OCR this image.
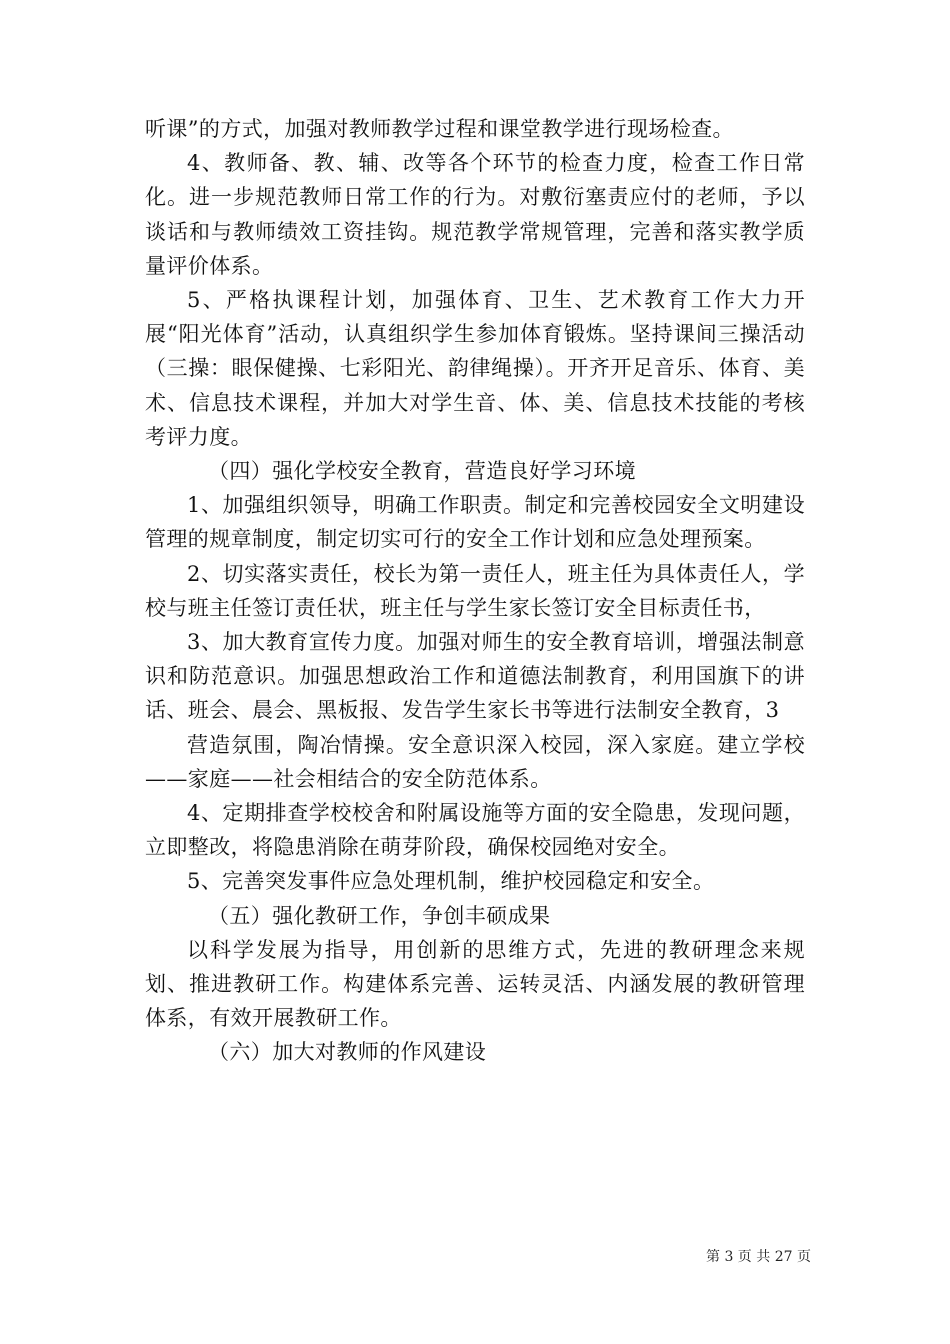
听课”的方式，加强对教师教学过程和课堂教学进行现场检查。

4、教师备、教、辅、改等各个环节的检查力度，检查工作日常化。进一步规范教师日常工作的行为。对敷衍塞责应付的老师，予以谈话和与教师绩效工资挂钩。规范教学常规管理，完善和落实教学质量评价体系。

5、严格执课程计划，加强体育、卫生、艺术教育工作大力开展“阳光体育”活动，认真组织学生参加体育锻炼。坚持课间三操活动（三操：眼保健操、七彩阳光、韵律绳操）。开齐开足音乐、体育、美术、信息技术课程，并加大对学生音、体、美、信息技术技能的考核考评力度。

（四）强化学校安全教育，营造良好学习环境

1、加强组织领导，明确工作职责。制定和完善校园安全文明建设管理的规章制度，制定切实可行的安全工作计划和应急处理预案。

2、切实落实责任，校长为第一责任人，班主任为具体责任人，学校与班主任签订责任状，班主任与学生家长签订安全目标责任书，

3、加大教育宣传力度。加强对师生的安全教育培训，增强法制意识和防范意识。加强思想政治工作和道德法制教育，利用国旗下的讲话、班会、晨会、黑板报、发告学生家长书等进行法制安全教育，3

营造氛围，陶冶情操。安全意识深入校园，深入家庭。建立学校——家庭——社会相结合的安全防范体系。

4、定期排查学校校舍和附属设施等方面的安全隐患，发现问题，立即整改，将隐患消除在萌芽阶段，确保校园绝对安全。

5、完善突发事件应急处理机制，维护校园稳定和安全。

（五）强化教研工作，争创丰硕成果

以科学发展为指导，用创新的思维方式，先进的教研理念来规划、推进教研工作。构建体系完善、运转灵活、内涵发展的教研管理体系，有效开展教研工作。

（六）加大对教师的作风建设

第 3 页 共 27 页
